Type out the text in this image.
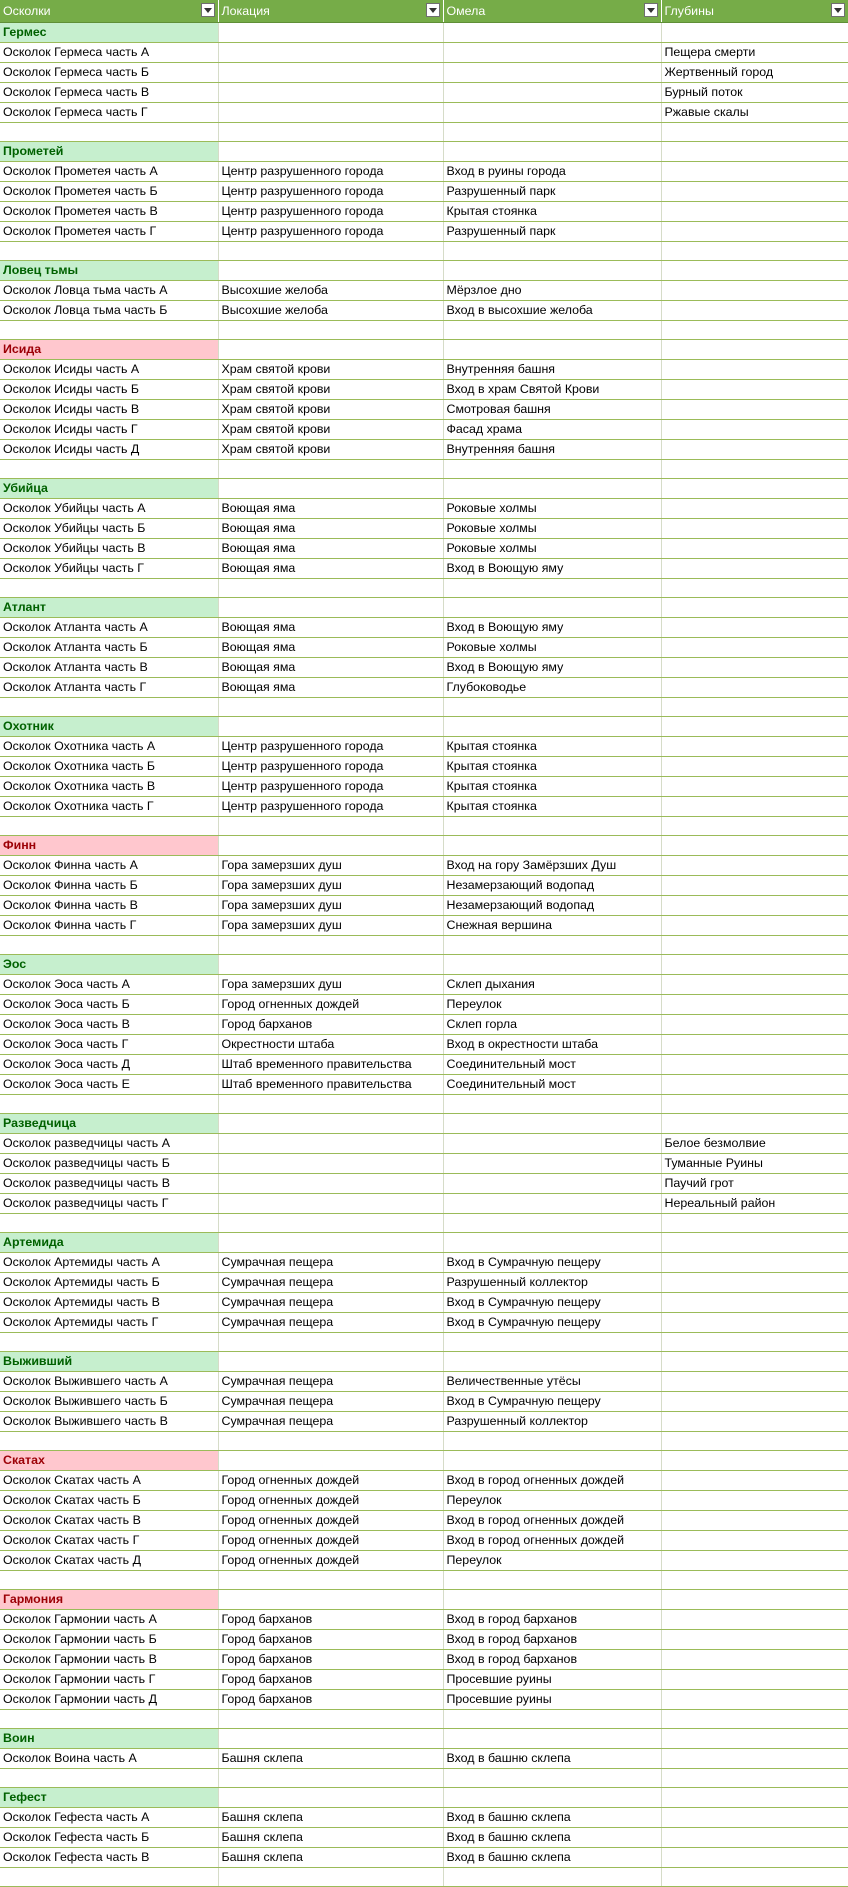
Осколки	Локация	Омела	Глубины

Гермес			
Осколок Гермеса часть А			Пещера смерти
Осколок Гермеса часть Б			Жертвенный город
Осколок Гермеса часть В			Бурный поток
Осколок Гермеса часть Г			Ржавые скалы

Прометей			
Осколок Прометея часть А	Центр разрушенного города	Вход в руины города	
Осколок Прометея часть Б	Центр разрушенного города	Разрушенный парк	
Осколок Прометея часть В	Центр разрушенного города	Крытая стоянка	
Осколок Прометея часть Г	Центр разрушенного города	Разрушенный парк	

Ловец тьмы			
Осколок Ловца тьма часть А	Высохшие желоба	Мёрзлое дно	
Осколок Ловца тьма часть Б	Высохшие желоба	Вход в высохшие желоба	

Исида			
Осколок Исиды часть А	Храм святой крови	Внутренняя башня	
Осколок Исиды часть Б	Храм святой крови	Вход в храм Святой Крови	
Осколок Исиды часть В	Храм святой крови	Смотровая башня	
Осколок Исиды часть Г	Храм святой крови	Фасад храма	
Осколок Исиды часть Д	Храм святой крови	Внутренняя башня	

Убийца			
Осколок Убийцы часть А	Воющая яма	Роковые холмы	
Осколок Убийцы часть Б	Воющая яма	Роковые холмы	
Осколок Убийцы часть В	Воющая яма	Роковые холмы	
Осколок Убийцы часть Г	Воющая яма	Вход в Воющую яму	

Атлант			
Осколок Атланта часть А	Воющая яма	Вход в Воющую яму	
Осколок Атланта часть Б	Воющая яма	Роковые холмы	
Осколок Атланта часть В	Воющая яма	Вход в Воющую яму	
Осколок Атланта часть Г	Воющая яма	Глубоководье	

Охотник			
Осколок Охотника часть А	Центр разрушенного города	Крытая стоянка	
Осколок Охотника часть Б	Центр разрушенного города	Крытая стоянка	
Осколок Охотника часть В	Центр разрушенного города	Крытая стоянка	
Осколок Охотника часть Г	Центр разрушенного города	Крытая стоянка	

Финн			
Осколок Финна часть А	Гора замерзших душ	Вход на гору Замёрзших Душ	
Осколок Финна часть Б	Гора замерзших душ	Незамерзающий водопад	
Осколок Финна часть В	Гора замерзших душ	Незамерзающий водопад	
Осколок Финна часть Г	Гора замерзших душ	Снежная вершина	

Эос			
Осколок Эоса часть А	Гора замерзших душ	Склеп дыхания	
Осколок Эоса часть Б	Город огненных дождей	Переулок	
Осколок Эоса часть В	Город барханов	Склеп горла	
Осколок Эоса часть Г	Окрестности штаба	Вход в окрестности штаба	
Осколок Эоса часть Д	Штаб временного правительства	Соединительный мост	
Осколок Эоса часть Е	Штаб временного правительства	Соединительный мост	

Разведчица			
Осколок разведчицы часть А			Белое безмолвие
Осколок разведчицы часть Б			Туманные Руины
Осколок разведчицы часть В			Паучий грот
Осколок разведчицы часть Г			Нереальный район

Артемида			
Осколок Артемиды часть А	Сумрачная пещера	Вход в Сумрачную пещеру	
Осколок Артемиды часть Б	Сумрачная пещера	Разрушенный коллектор	
Осколок Артемиды часть В	Сумрачная пещера	Вход в Сумрачную пещеру	
Осколок Артемиды часть Г	Сумрачная пещера	Вход в Сумрачную пещеру	

Выживший			
Осколок Выжившего часть А	Сумрачная пещера	Величественные утёсы	
Осколок Выжившего часть Б	Сумрачная пещера	Вход в Сумрачную пещеру	
Осколок Выжившего часть В	Сумрачная пещера	Разрушенный коллектор	

Скатах			
Осколок Скатах часть А	Город огненных дождей	Вход в город огненных дождей	
Осколок Скатах часть Б	Город огненных дождей	Переулок	
Осколок Скатах часть В	Город огненных дождей	Вход в город огненных дождей	
Осколок Скатах часть Г	Город огненных дождей	Вход в город огненных дождей	
Осколок Скатах часть Д	Город огненных дождей	Переулок	

Гармония			
Осколок Гармонии часть А	Город барханов	Вход в город барханов	
Осколок Гармонии часть Б	Город барханов	Вход в город барханов	
Осколок Гармонии часть В	Город барханов	Вход в город барханов	
Осколок Гармонии часть Г	Город барханов	Просевшие руины	
Осколок Гармонии часть Д	Город барханов	Просевшие руины	

Воин			
Осколок Воина часть А	Башня склепа	Вход в башню склепа	

Гефест			
Осколок Гефеста часть А	Башня склепа	Вход в башню склепа	
Осколок Гефеста часть Б	Башня склепа	Вход в башню склепа	
Осколок Гефеста часть В	Башня склепа	Вход в башню склепа	
